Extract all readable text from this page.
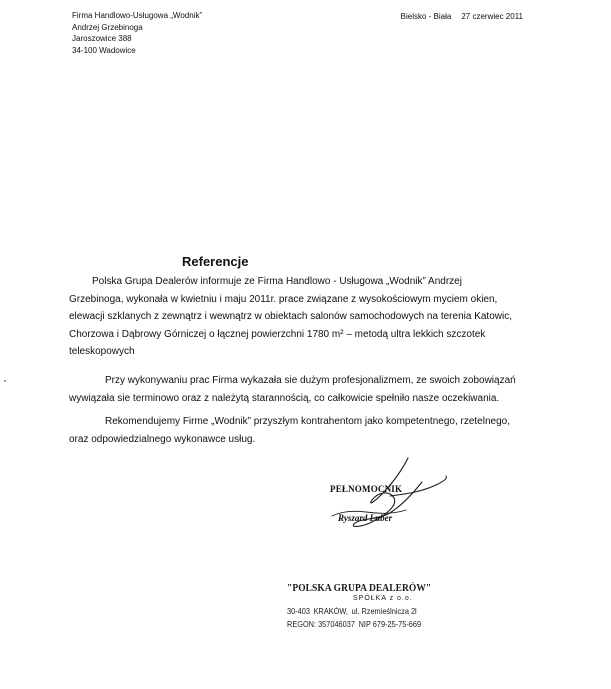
Firma Handlowo-Usługowa „Wodnik”
Andrzej Grzebinoga
Jaroszowice 388
34-100 Wadowice
Bielsko - Biała 27 czerwiec 2011
Referencje
Polska Grupa Dealerów informuje ze Firma Handlowo - Usługowa „Wodnik” Andrzej
Grzebinoga, wykonała w kwietniu i maju 2011r. prace związane z wysokościowym myciem okien,
elewacji szklanych z zewnątrz i wewnątrz w obiektach salonów samochodowych na terenia Katowic,
Chorzowa i Dąbrowy Górniczej o łącznej powierzchni 1780 m² – metodą ultra lekkich szczotek
teleskopowych
Przy wykonywaniu prac Firma wykazała sie dużym profesjonalizmem, ze swoich zobowiązań
wywiązała sie terminowo oraz z należytą starannością, co całkowicie spełniło nasze oczekiwania.
Rekomendujemy Firme „Wodnik” przyszłym kontrahentom jako kompetentnego, rzetelnego,
oraz odpowiedzialnego wykonawce usług.
PEŁNOMOCNIK
Ryszard Luber
"POLSKA GRUPA DEALERÓW"
SPÓŁKA z o.o.
30-403 KRAKÓW, ul. Rzemieślnicza 2l
REGON: 357046037 NIP 679-25-75-669
